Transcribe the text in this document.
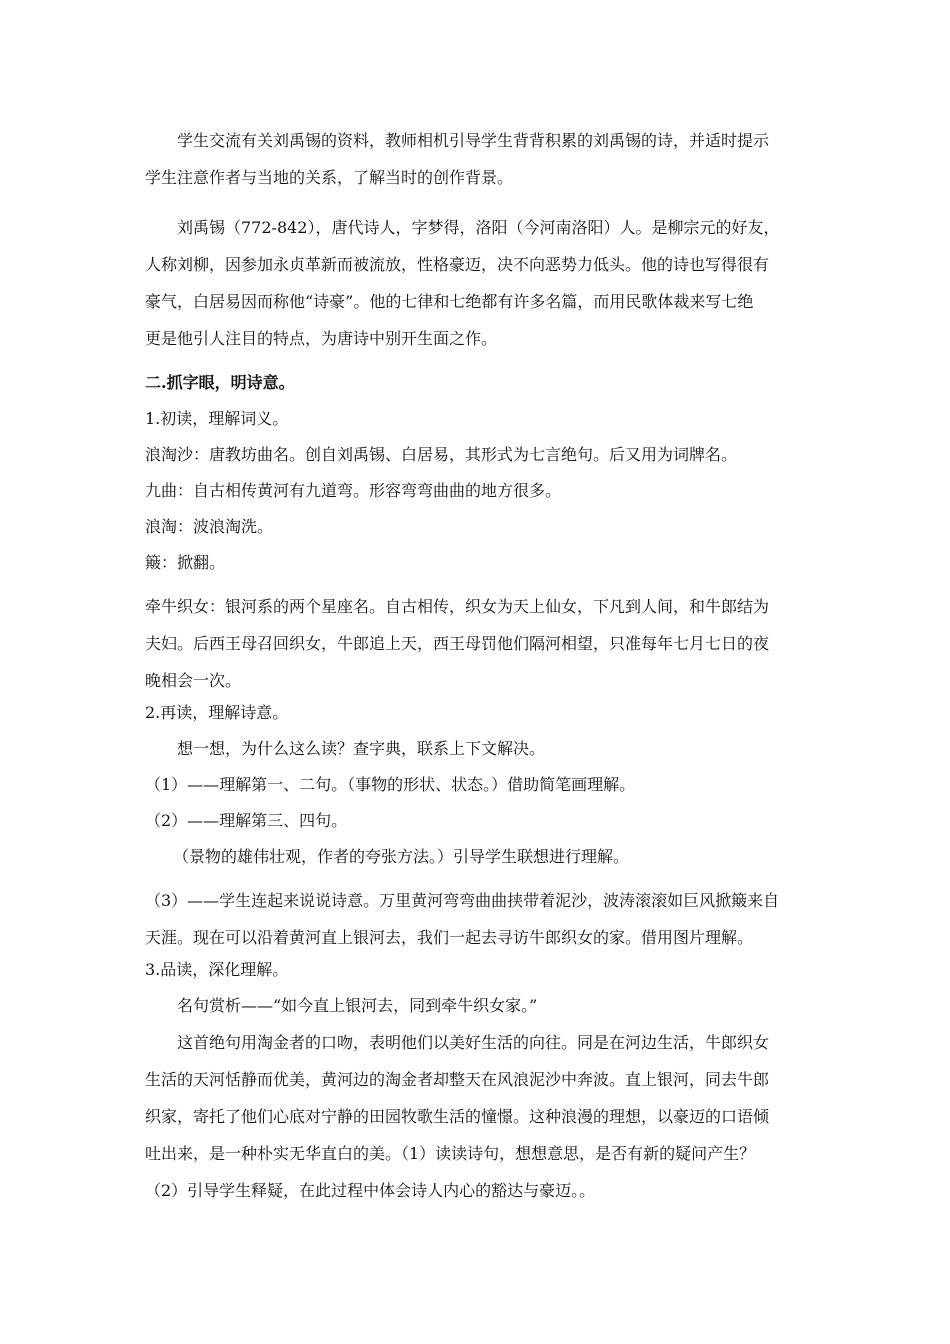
学生交流有关刘禹锡的资料，教师相机引导学生背背积累的刘禹锡的诗，并适时提示

学生注意作者与当地的关系，了解当时的创作背景。

刘禹锡（772-842），唐代诗人，字梦得，洛阳（今河南洛阳）人。是柳宗元的好友，

人称刘柳，因参加永贞革新而被流放，性格豪迈，决不向恶势力低头。他的诗也写得很有

豪气，白居易因而称他“诗豪”。他的七律和七绝都有许多名篇，而用民歌体裁来写七绝

更是他引人注目的特点，为唐诗中别开生面之作。

二.抓字眼，明诗意。

1.初读，理解词义。

浪淘沙：唐教坊曲名。创自刘禹锡、白居易，其形式为七言绝句。后又用为词牌名。

九曲：自古相传黄河有九道弯。形容弯弯曲曲的地方很多。

浪淘：波浪淘洗。

簸：掀翻。

牵牛织女：银河系的两个星座名。自古相传，织女为天上仙女，下凡到人间，和牛郎结为

夫妇。后西王母召回织女，牛郎追上天，西王母罚他们隔河相望，只准每年七月七日的夜

晚相会一次。

2.再读，理解诗意。

想一想，为什么这么读？查字典，联系上下文解决。

（1）——理解第一、二句。（事物的形状、状态。）借助简笔画理解。

（2）——理解第三、四句。

（景物的雄伟壮观，作者的夸张方法。）引导学生联想进行理解。

（3）——学生连起来说说诗意。万里黄河弯弯曲曲挟带着泥沙，波涛滚滚如巨风掀簸来自

天涯。现在可以沿着黄河直上银河去，我们一起去寻访牛郎织女的家。借用图片理解。

3.品读，深化理解。

名句赏析——“如今直上银河去，同到牵牛织女家。”

这首绝句用淘金者的口吻，表明他们以美好生活的向往。同是在河边生活，牛郎织女

生活的天河恬静而优美，黄河边的淘金者却整天在风浪泥沙中奔波。直上银河，同去牛郎

织家，寄托了他们心底对宁静的田园牧歌生活的憧憬。这种浪漫的理想，以豪迈的口语倾

吐出来，是一种朴实无华直白的美。（1）读读诗句，想想意思，是否有新的疑问产生？

（2）引导学生释疑，在此过程中体会诗人内心的豁达与豪迈。。
